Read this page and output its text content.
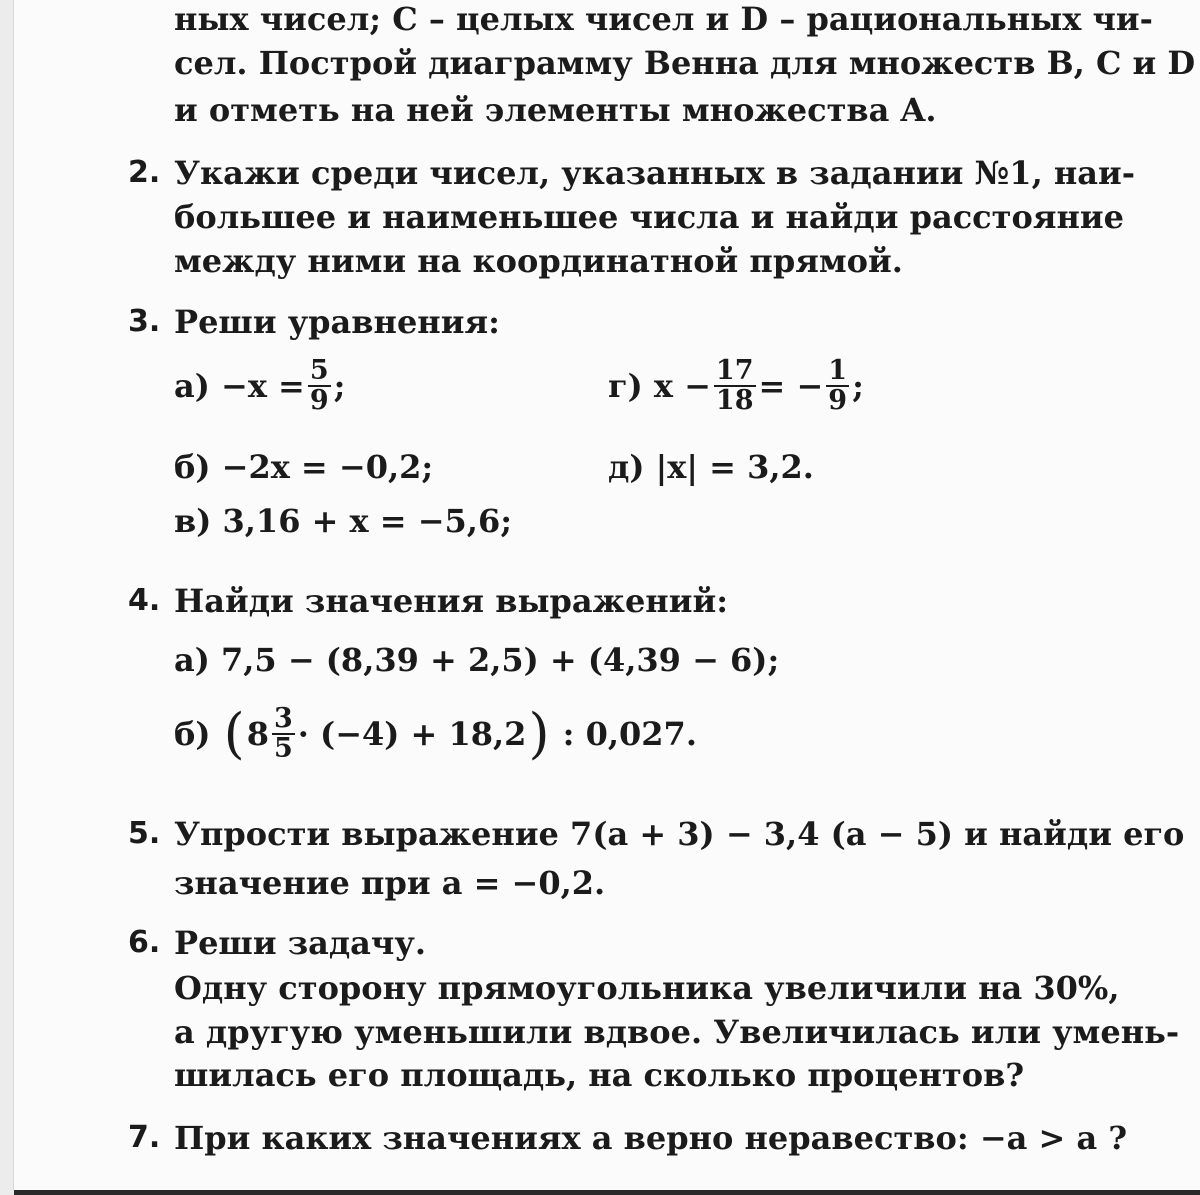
ных чисел; C – целых чисел и D – рациональных чи-
сел. Построй диаграмму Венна для множеств B, C и D
и отметь на ней элементы множества A.
2. Укажи среди чисел, указанных в задании №1, наи-
большее и наименьшее числа и найди расстояние
между ними на координатной прямой.
3. Реши уравнения:
а)
$-x = \frac{5}{9}$ ;	г)
$x - \frac{17}{18}$ = − $\frac{1}{9}$ ;
б) −2x = −0,2;	д) |x| = 3,2.
в) 3,16 + x = −5,6;
4. Найди значения выражений:
а) 7,5 − (8,39 + 2,5) + (4,39 − 6);
б)
( $8 \frac{3}{5} \cdot (-4) + 18,2$ )
: 0,027.
5. Упрости выражение 7(a + 3) − 3,4 (a − 5) и найди его
значение при a = −0,2.
6. Реши задачу.
Одну сторону прямоугольника увеличили на 30%,
а другую уменьшили вдвое. Увеличилась или умень-
шилась его площадь, на сколько процентов?
7. При каких значениях a верно неравество: −a > a ?
